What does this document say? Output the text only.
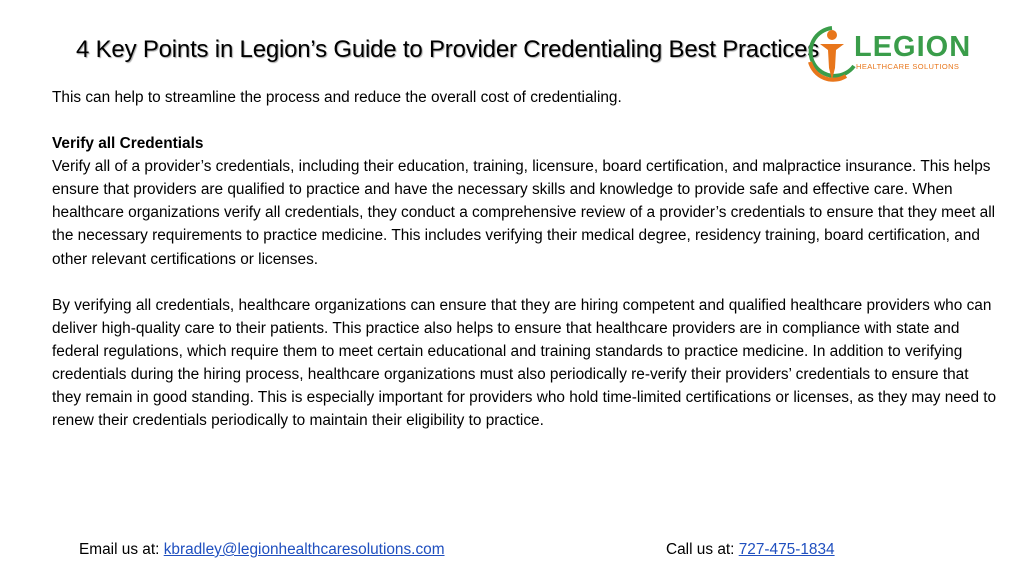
4 Key Points in Legion’s Guide to Provider Credentialing Best Practices LEGION
HEALTHCARE SOLUTIONS

This can help to streamline the process and reduce the overall cost of credentialing.

Verify all Credentials

Verify all of a provider’s credentials, including their education, training, licensure, board certification, and malpractice insurance. This helps ensure that providers are qualified to practice and have the necessary skills and knowledge to provide safe and effective care. When healthcare organizations verify all credentials, they conduct a comprehensive review of a provider’s credentials to ensure that they meet all the necessary requirements to practice medicine. This includes verifying their medical degree, residency training, board certification, and other relevant certifications or licenses.

By verifying all credentials, healthcare organizations can ensure that they are hiring competent and qualified healthcare providers who can deliver high-quality care to their patients. This practice also helps to ensure that healthcare providers are in compliance with state and federal regulations, which require them to meet certain educational and training standards to practice medicine. In addition to verifying credentials during the hiring process, healthcare organizations must also periodically re-verify their providers’ credentials to ensure that they remain in good standing. This is especially important for providers who hold time-limited certifications or licenses, as they may need to renew their credentials periodically to maintain their eligibility to practice.

Email us at: kbradley@legionhealthcaresolutions.com	Call us at: 727-475-1834
